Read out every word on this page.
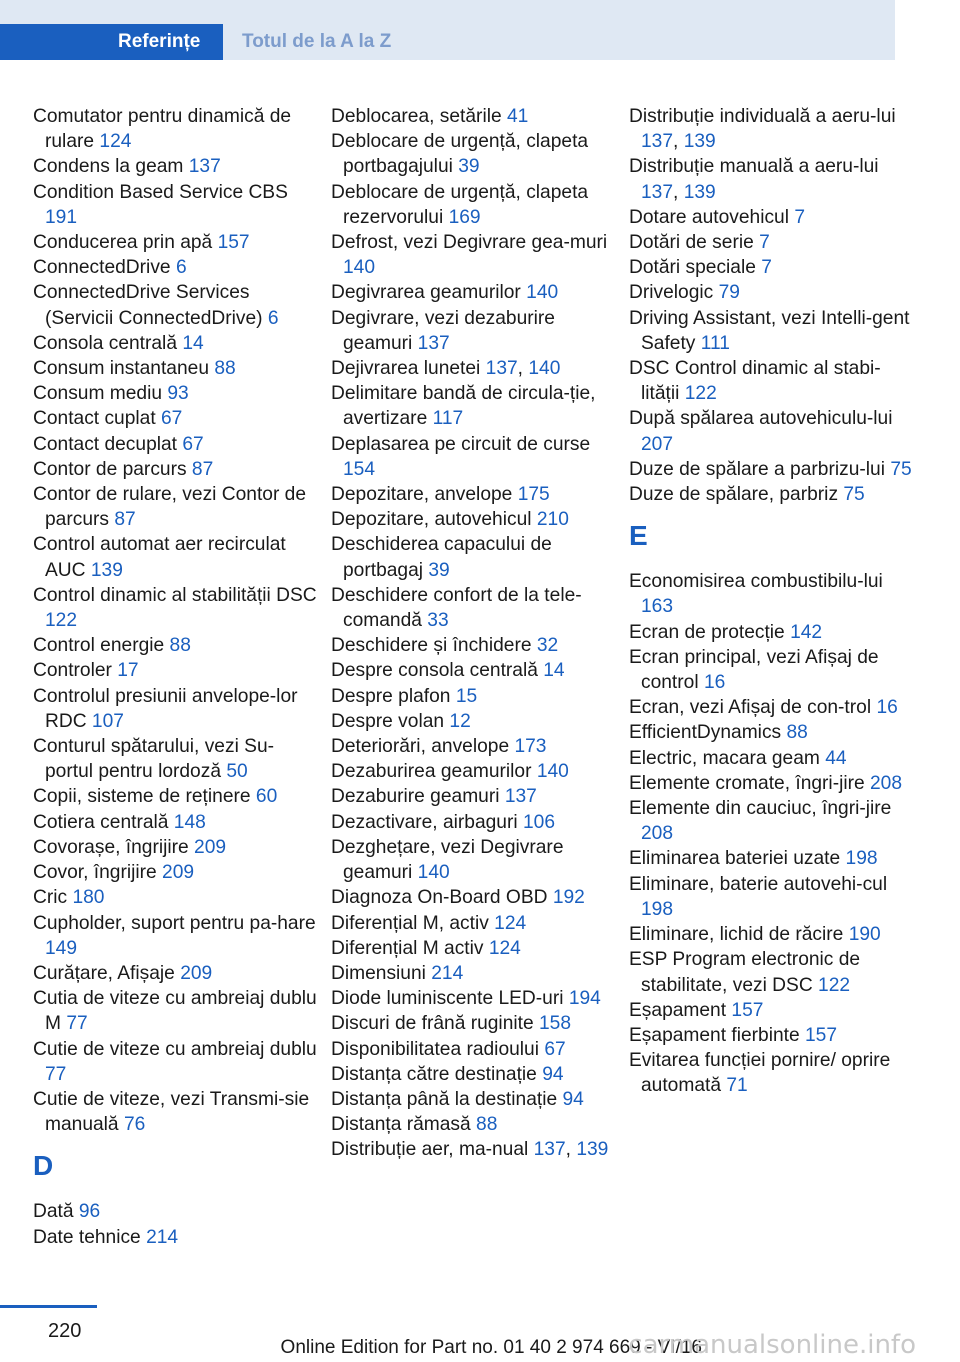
Referințe	Totul de la A la Z
Comutator pentru dinamică de rulare 124
Condens la geam 137
Condition Based Service CBS 191
Conducerea prin apă 157
ConnectedDrive 6
ConnectedDrive Services (Servicii ConnectedDrive) 6
Consola centrală 14
Consum instantaneu 88
Consum mediu 93
Contact cuplat 67
Contact decuplat 67
Contor de parcurs 87
Contor de rulare, vezi Contor de parcurs 87
Control automat aer recirculat AUC 139
Control dinamic al stabilității DSC 122
Control energie 88
Controler 17
Controlul presiunii anvelope-lor RDC 107
Conturul spătarului, vezi Su-portul pentru lordoză 50
Copii, sisteme de reținere 60
Cotiera centrală 148
Covorașe, îngrijire 209
Covor, îngrijire 209
Cric 180
Cupholder, suport pentru pa-hare 149
Curățare, Afișaje 209
Cutia de viteze cu ambreiaj dublu M 77
Cutie de viteze cu ambreiaj dublu 77
Cutie de viteze, vezi Transmi-sie manuală 76
D
Dată 96
Date tehnice 214
Deblocarea, setările 41
Deblocare de urgență, clapeta portbagajului 39
Deblocare de urgență, clapeta rezervorului 169
Defrost, vezi Degivrare gea-muri 140
Degivrarea geamurilor 140
Degivrare, vezi dezaburire geamuri 137
Dejivrarea lunetei 137, 140
Delimitare bandă de circula-ție, avertizare 117
Deplasarea pe circuit de curse 154
Depozitare, anvelope 175
Depozitare, autovehicul 210
Deschiderea capacului de portbagaj 39
Deschidere confort de la tele-comandă 33
Deschidere și închidere 32
Despre consola centrală 14
Despre plafon 15
Despre volan 12
Deteriorări, anvelope 173
Dezaburirea geamurilor 140
Dezaburire geamuri 137
Dezactivare, airbaguri 106
Dezghețare, vezi Degivrare geamuri 140
Diagnoza On-Board OBD 192
Diferențial M, activ 124
Diferențial M activ 124
Dimensiuni 214
Diode luminiscente LED-uri 194
Discuri de frână ruginite 158
Disponibilitatea radioului 67
Distanța către destinație 94
Distanța până la destinație 94
Distanța rămasă 88
Distribuție aer, ma-nual 137, 139
Distribuție individuală a aeru-lui 137, 139
Distribuție manuală a aeru-lui 137, 139
Dotare autovehicul 7
Dotări de serie 7
Dotări speciale 7
Drivelogic 79
Driving Assistant, vezi Intelli-gent Safety 111
DSC Control dinamic al stabi-lității 122
După spălarea autovehiculu-lui 207
Duze de spălare a parbrizu-lui 75
Duze de spălare, parbriz 75
E
Economisirea combustibilu-lui 163
Ecran de protecție 142
Ecran principal, vezi Afișaj de control 16
Ecran, vezi Afișaj de con-trol 16
EfficientDynamics 88
Electric, macara geam 44
Elemente cromate, îngri-jire 208
Elemente din cauciuc, îngri-jire 208
Eliminarea bateriei uzate 198
Eliminare, baterie autovehi-cul 198
Eliminare, lichid de răcire 190
ESP Program electronic de stabilitate, vezi DSC 122
Eșapament 157
Eșapament fierbinte 157
Evitarea funcției pornire/ oprire automată 71
220
Online Edition for Part no. 01 40 2 974 669 - VI/16
carmanualsonline.info
